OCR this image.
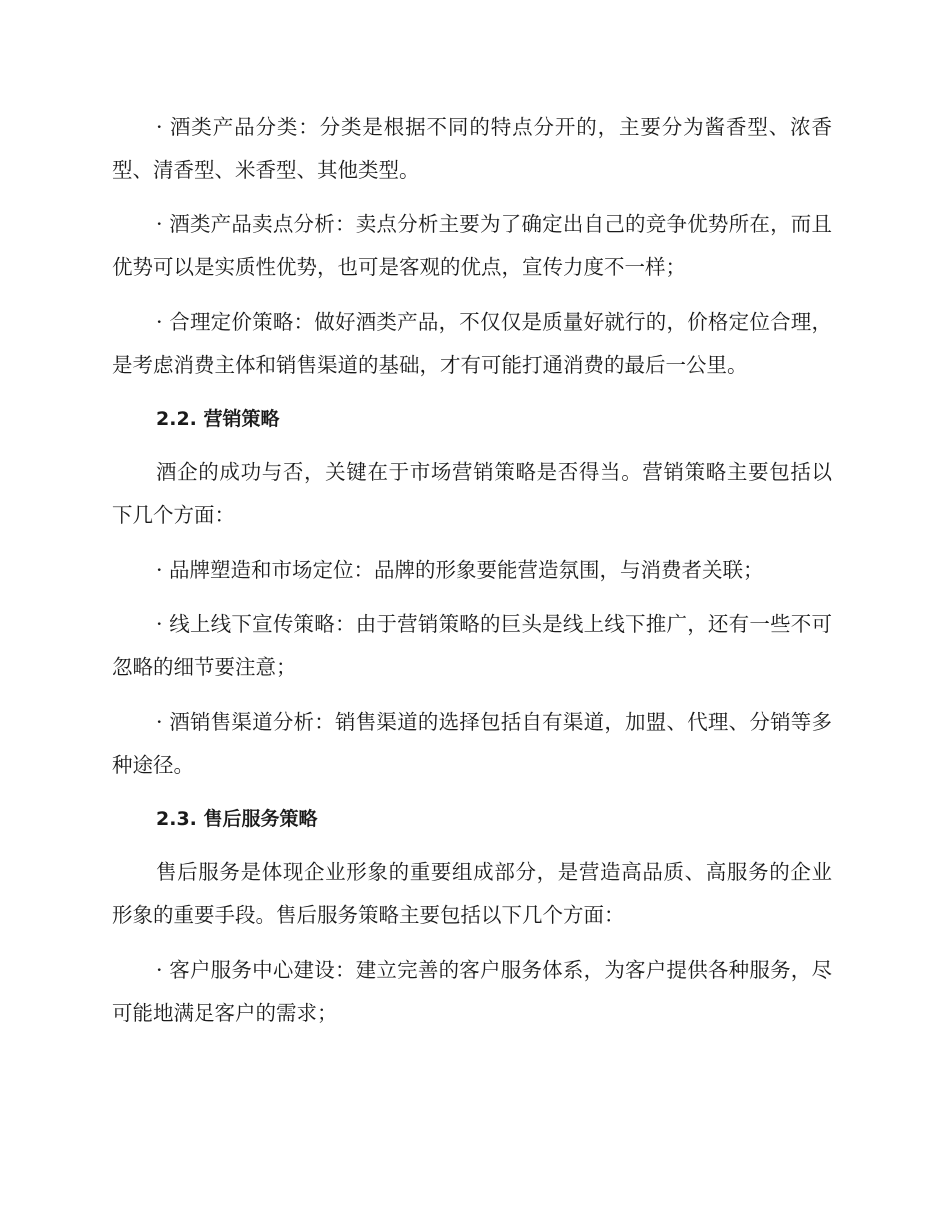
· 酒类产品分类：分类是根据不同的特点分开的，主要分为酱香型、浓香型、清香型、米香型、其他类型。

· 酒类产品卖点分析：卖点分析主要为了确定出自己的竞争优势所在，而且优势可以是实质性优势，也可是客观的优点，宣传力度不一样；

· 合理定价策略：做好酒类产品，不仅仅是质量好就行的，价格定位合理，是考虑消费主体和销售渠道的基础，才有可能打通消费的最后一公里。

2.2. 营销策略

酒企的成功与否，关键在于市场营销策略是否得当。营销策略主要包括以下几个方面：

· 品牌塑造和市场定位：品牌的形象要能营造氛围，与消费者关联；

· 线上线下宣传策略：由于营销策略的巨头是线上线下推广，还有一些不可忽略的细节要注意；

· 酒销售渠道分析：销售渠道的选择包括自有渠道，加盟、代理、分销等多种途径。

2.3. 售后服务策略

售后服务是体现企业形象的重要组成部分，是营造高品质、高服务的企业形象的重要手段。售后服务策略主要包括以下几个方面：

· 客户服务中心建设：建立完善的客户服务体系，为客户提供各种服务，尽可能地满足客户的需求；
